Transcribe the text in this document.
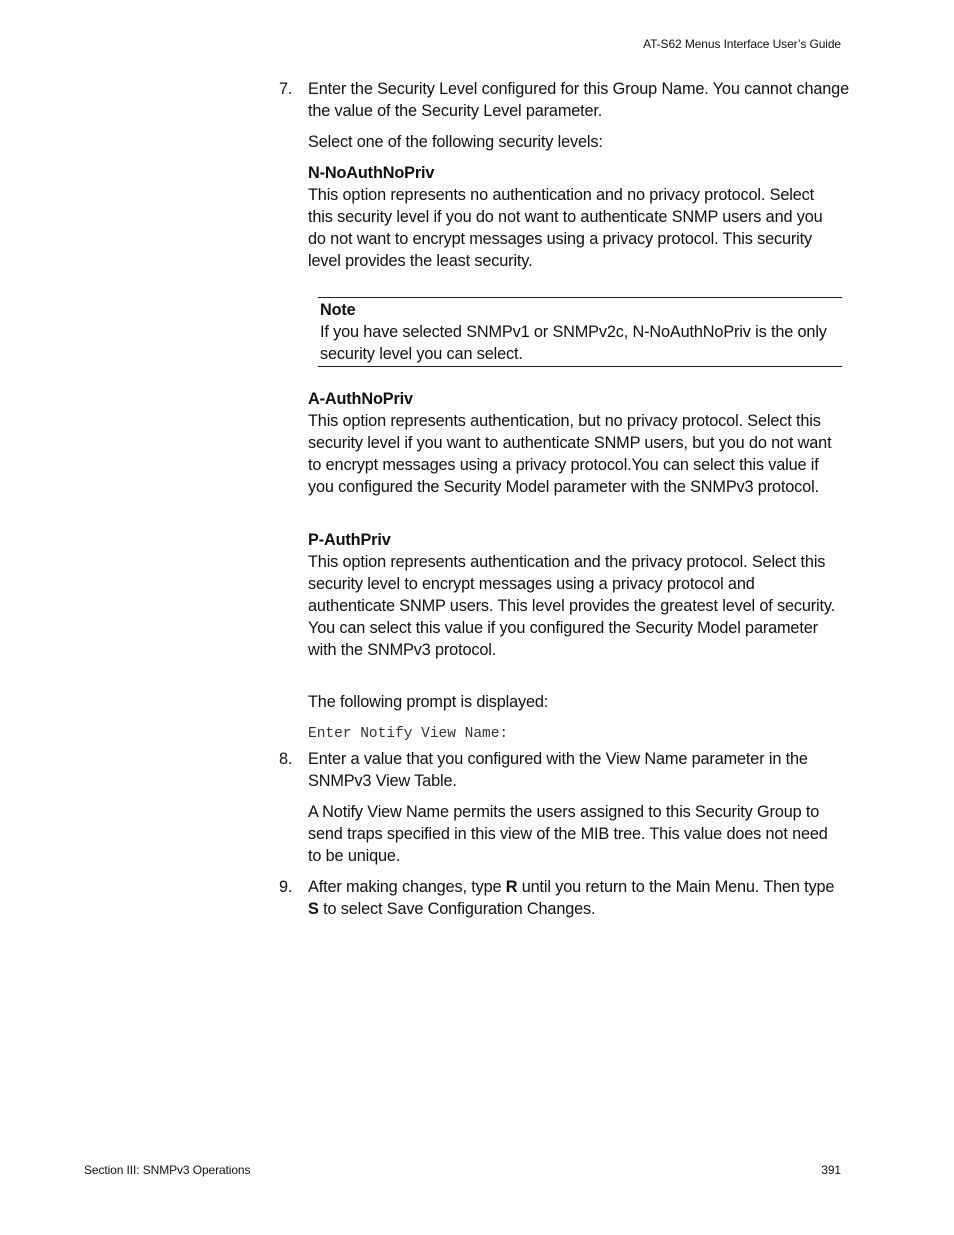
AT-S62 Menus Interface User’s Guide
7. Enter the Security Level configured for this Group Name. You cannot change the value of the Security Level parameter.
Select one of the following security levels:
N-NoAuthNoPriv
This option represents no authentication and no privacy protocol. Select this security level if you do not want to authenticate SNMP users and you do not want to encrypt messages using a privacy protocol. This security level provides the least security.
Note
If you have selected SNMPv1 or SNMPv2c, N-NoAuthNoPriv is the only security level you can select.
A-AuthNoPriv
This option represents authentication, but no privacy protocol. Select this security level if you want to authenticate SNMP users, but you do not want to encrypt messages using a privacy protocol.You can select this value if you configured the Security Model parameter with the SNMPv3 protocol.
P-AuthPriv
This option represents authentication and the privacy protocol. Select this security level to encrypt messages using a privacy protocol and authenticate SNMP users. This level provides the greatest level of security. You can select this value if you configured the Security Model parameter with the SNMPv3 protocol.
The following prompt is displayed:
Enter Notify View Name:
8. Enter a value that you configured with the View Name parameter in the SNMPv3 View Table.
A Notify View Name permits the users assigned to this Security Group to send traps specified in this view of the MIB tree. This value does not need to be unique.
9. After making changes, type R until you return to the Main Menu. Then type S to select Save Configuration Changes.
Section III: SNMPv3 Operations	391
